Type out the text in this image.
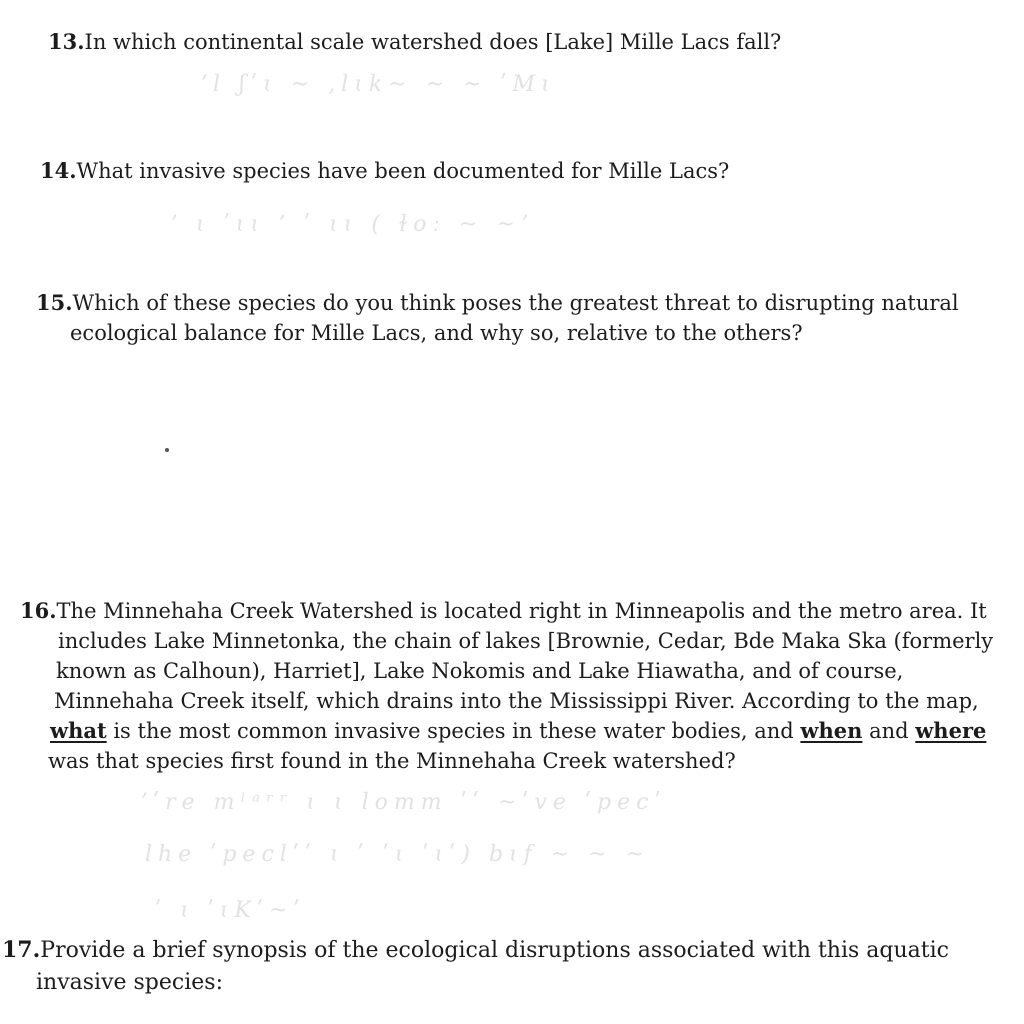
13.In which continental scale watershed does [Lake] Mille Lacs fall?
ʼl ʃʹɩ ~ ,lɩk~ ~ ~ ʹMɩ
14.What invasive species have been documented for Mille Lacs?
ʼ ɩ ʹɩɩ ʼ ʹ ɩɩ ( ɫoː ~ ~ʼ
15.Which of these species do you think poses the greatest threat to disrupting natural
ecological balance for Mille Lacs, and why so, relative to the others?
16.The Minnehaha Creek Watershed is located right in Minneapolis and the metro area. It
includes Lake Minnetonka, the chain of lakes [Brownie, Cedar, Bde Maka Ska (formerly
known as Calhoun), Harriet], Lake Nokomis and Lake Hiawatha, and of course,
Minnehaha Creek itself, which drains into the Mississippi River. According to the map,
what is the most common invasive species in these water bodies, and when and where
was that species first found in the Minnehaha Creek watershed?
ʼʹre mˡᵃʳʳ ɩ ɩ lomm ʹʹ ~ʹve ʹpecʹ
lhe ʹpeclʹʹ ɩ ʹ ʹɩ ʹɩʹ) bɩf ~ ~ ~
ʹ ɩ ʹɩKʹ~ʹ
17.Provide a brief synopsis of the ecological disruptions associated with this aquatic
invasive species:
